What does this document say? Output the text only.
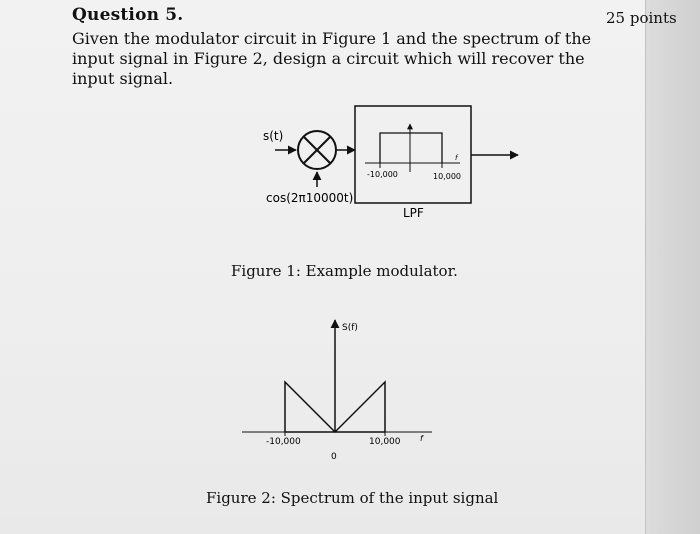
Question 5.	25 points
Given the modulator circuit in Figure 1 and the spectrum of the input signal in Figure 2, design a circuit which will recover the input signal.
s(t)
cos(2π10000t)
-10,000	10,000
f
LPF
S(f)
-10,000	10,000
0
f
Figure 1: Example modulator.
Figure 2: Spectrum of the input signal
